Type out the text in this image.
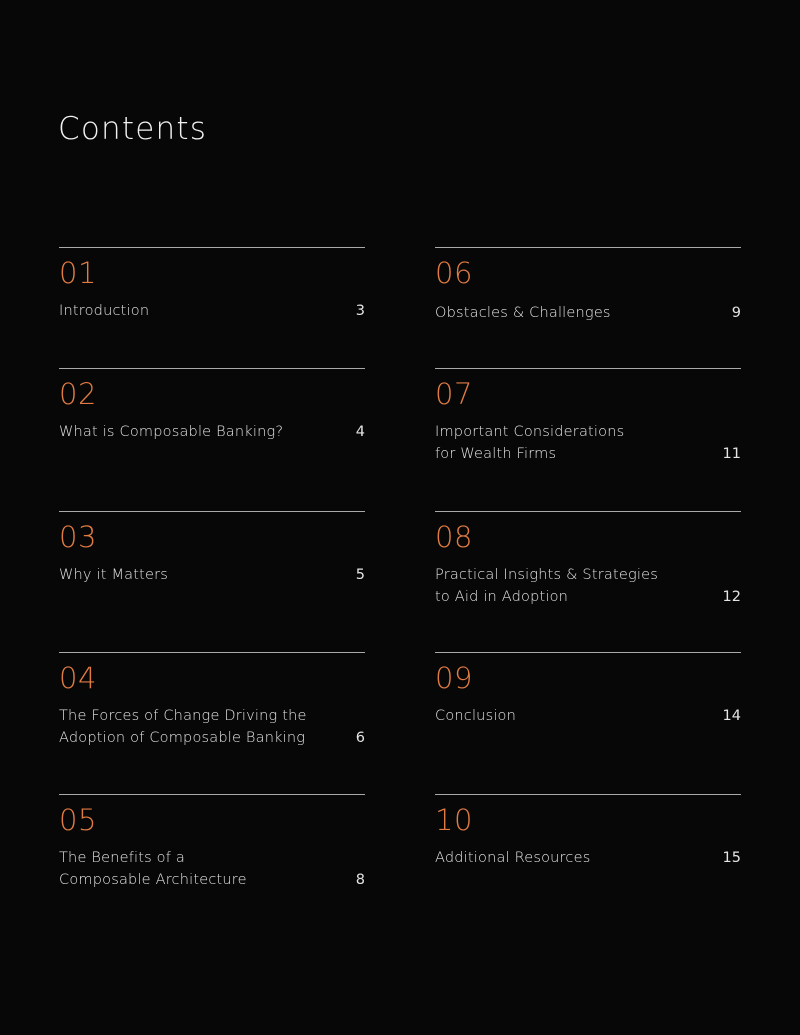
Contents
01
Introduction	3
02
What is Composable Banking?	4
03
Why it Matters	5
04
The Forces of Change Driving the
Adoption of Composable Banking	6
05
The Benefits of a
Composable Architecture	8
06
Obstacles & Challenges	9
07
Important Considerations
for Wealth Firms	11
08
Practical Insights & Strategies
to Aid in Adoption	12
09
Conclusion	14
10
Additional Resources	15
